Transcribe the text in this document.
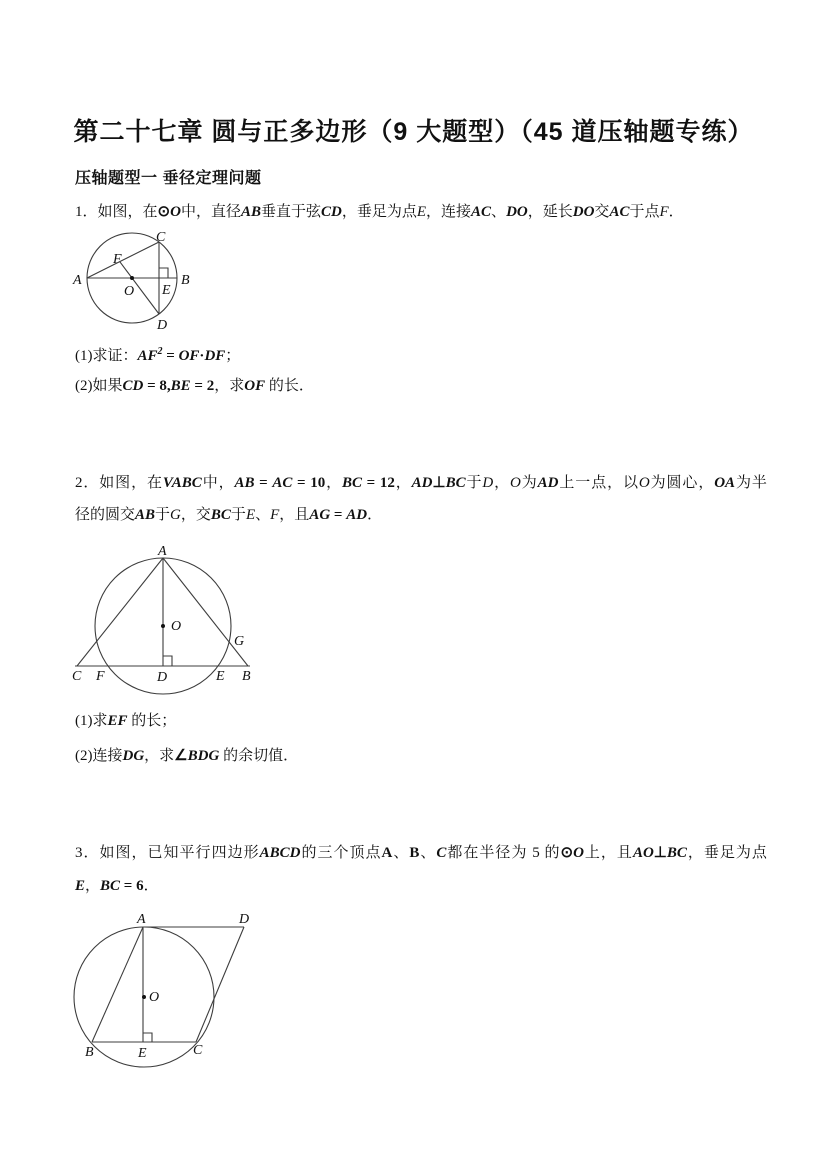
第二十七章 圆与正多边形（9 大题型）（45 道压轴题专练）
压轴题型一 垂径定理问题

1．如图，在⊙O中，直径AB垂直于弦CD，垂足为点E，连接AC、DO，延长DO交AC于点F．

A	B
C
D
E
F
O

(1)求证：$AF^2 = OF\cdot DF$；

(2)如果CD = 8,BE = 2，求OF 的长．

2．如图，在VABC中，AB = AC = 10，BC = 12，AD⊥BC于D，O为AD上一点，以O为圆心，OA为半

径的圆交AB于G，交BC于E、F，且AG = AD．

A
B
C	D	E
F
G
O

(1)求EF 的长；

(2)连接DG，求∠BDG 的余切值．

3．如图，已知平行四边形ABCD的三个顶点A、B、C都在半径为 5 的⊙O上，且AO⊥BC，垂足为点

E，BC = 6．

A
B	C
D
E
O
